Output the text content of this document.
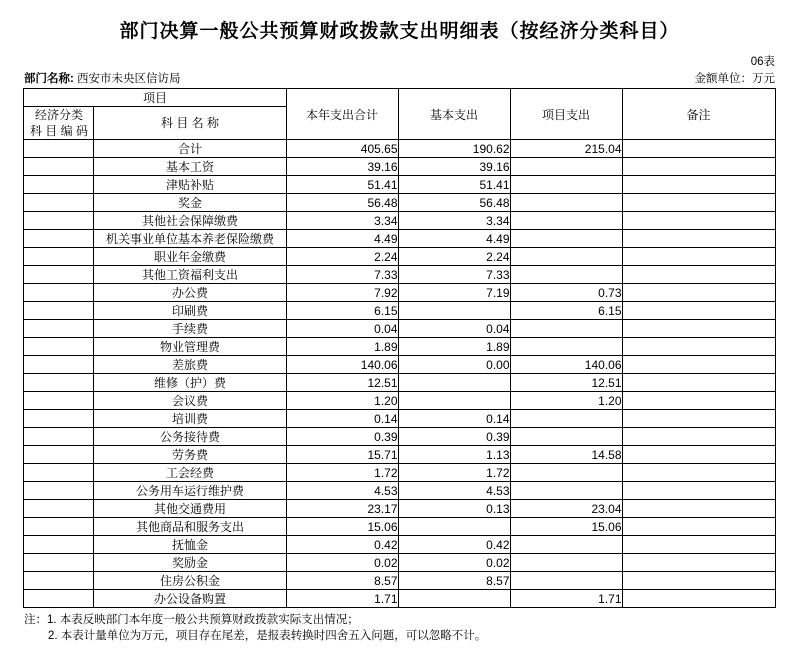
部门决算一般公共预算财政拨款支出明细表（按经济分类科目）
06表
部门名称: 西安市未央区信访局	金额单位：万元
项目		本年支出合计	基本支出	项目支出	备注

经济分类
科 目 编 码	科 目 名 称				
	合计	405.65	190.62	215.04	
	基本工资	39.16	39.16		
	津贴补贴	51.41	51.41		
	奖金	56.48	56.48		
	其他社会保障缴费	3.34	3.34		
	机关事业单位基本养老保险缴费	4.49	4.49		
	职业年金缴费	2.24	2.24		
	其他工资福利支出	7.33	7.33		
	办公费	7.92	7.19	0.73	
	印刷费	6.15		6.15	
	手续费	0.04	0.04		
	物业管理费	1.89	1.89		
	差旅费	140.06	0.00	140.06	
	维修（护）费	12.51		12.51	
	会议费	1.20		1.20	
	培训费	0.14	0.14		
	公务接待费	0.39	0.39		
	劳务费	15.71	1.13	14.58	
	工会经费	1.72	1.72		
	公务用车运行维护费	4.53	4.53		
	其他交通费用	23.17	0.13	23.04	
	其他商品和服务支出	15.06		15.06	
	抚恤金	0.42	0.42		
	奖励金	0.02	0.02		
	住房公积金	8.57	8.57		
	办公设备购置	1.71		1.71	
注：1. 本表反映部门本年度一般公共预算财政拨款实际支出情况；
2. 本表计量单位为万元，项目存在尾差，是报表转换时四舍五入问题，可以忽略不计。
